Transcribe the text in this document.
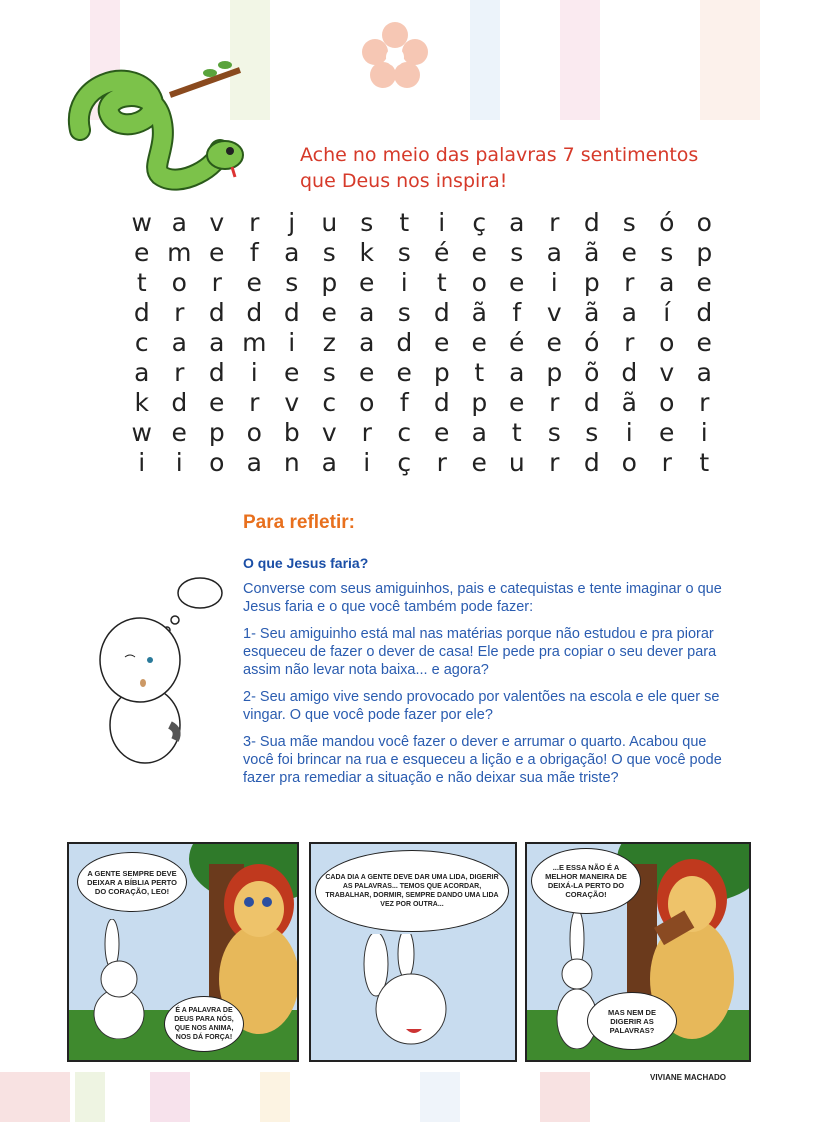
Ache no meio das palavras 7 sentimentos
que Deus nos inspira!
w a v r	j	u s	t	i	ç a r d s ó o
e m e	f	a s k s é e s a ã e s p
t o r e s p e	i	t o e	i	p r a e
d r d d d e a s d ã	f	v ã a	í	d
c a a m i	z a d e e é e ó r o e
a r d	i	e s e e p t a p õ d v a
k d e r v c o	f	d p e r d ã o r
w e p o b v r	c e a t	s s	i	e	i
i	i	o a n a	i	ç	r e u r d o r	t
Para refletir:
O que Jesus faria?

Converse com seus amiguinhos, pais e catequistas e tente imaginar o que Jesus faria e o que você também pode fazer:

1- Seu amiguinho está mal nas matérias porque não estudou e pra piorar esqueceu de fazer o dever de casa! Ele pede pra copiar o seu dever para assim não levar nota baixa... e agora?

2- Seu amigo vive sendo provocado por valentões na escola e ele quer se vingar. O que você pode fazer por ele?

3- Sua mãe mandou você fazer o dever e arrumar o quarto. Acabou que você foi brincar na rua e esqueceu a lição e a obrigação! O que você pode fazer pra remediar a situação e não deixar sua mãe triste?

A GENTE SEMPRE DEVE DEIXAR A BÍBLIA PERTO DO CORAÇÃO, LEO!
É A PALAVRA DE DEUS PARA NÓS, QUE NOS ANIMA, NOS DÁ FORÇA!
CADA DIA A GENTE DEVE DAR UMA LIDA, DIGERIR AS PALAVRAS... TEMOS QUE ACORDAR, TRABALHAR, DORMIR, SEMPRE DANDO UMA LIDA VEZ POR OUTRA...
...E ESSA NÃO É A MELHOR MANEIRA DE DEIXÁ-LA PERTO DO CORAÇÃO!
MAS NEM DE DIGERIR AS PALAVRAS?
VIVIANE MACHADO
